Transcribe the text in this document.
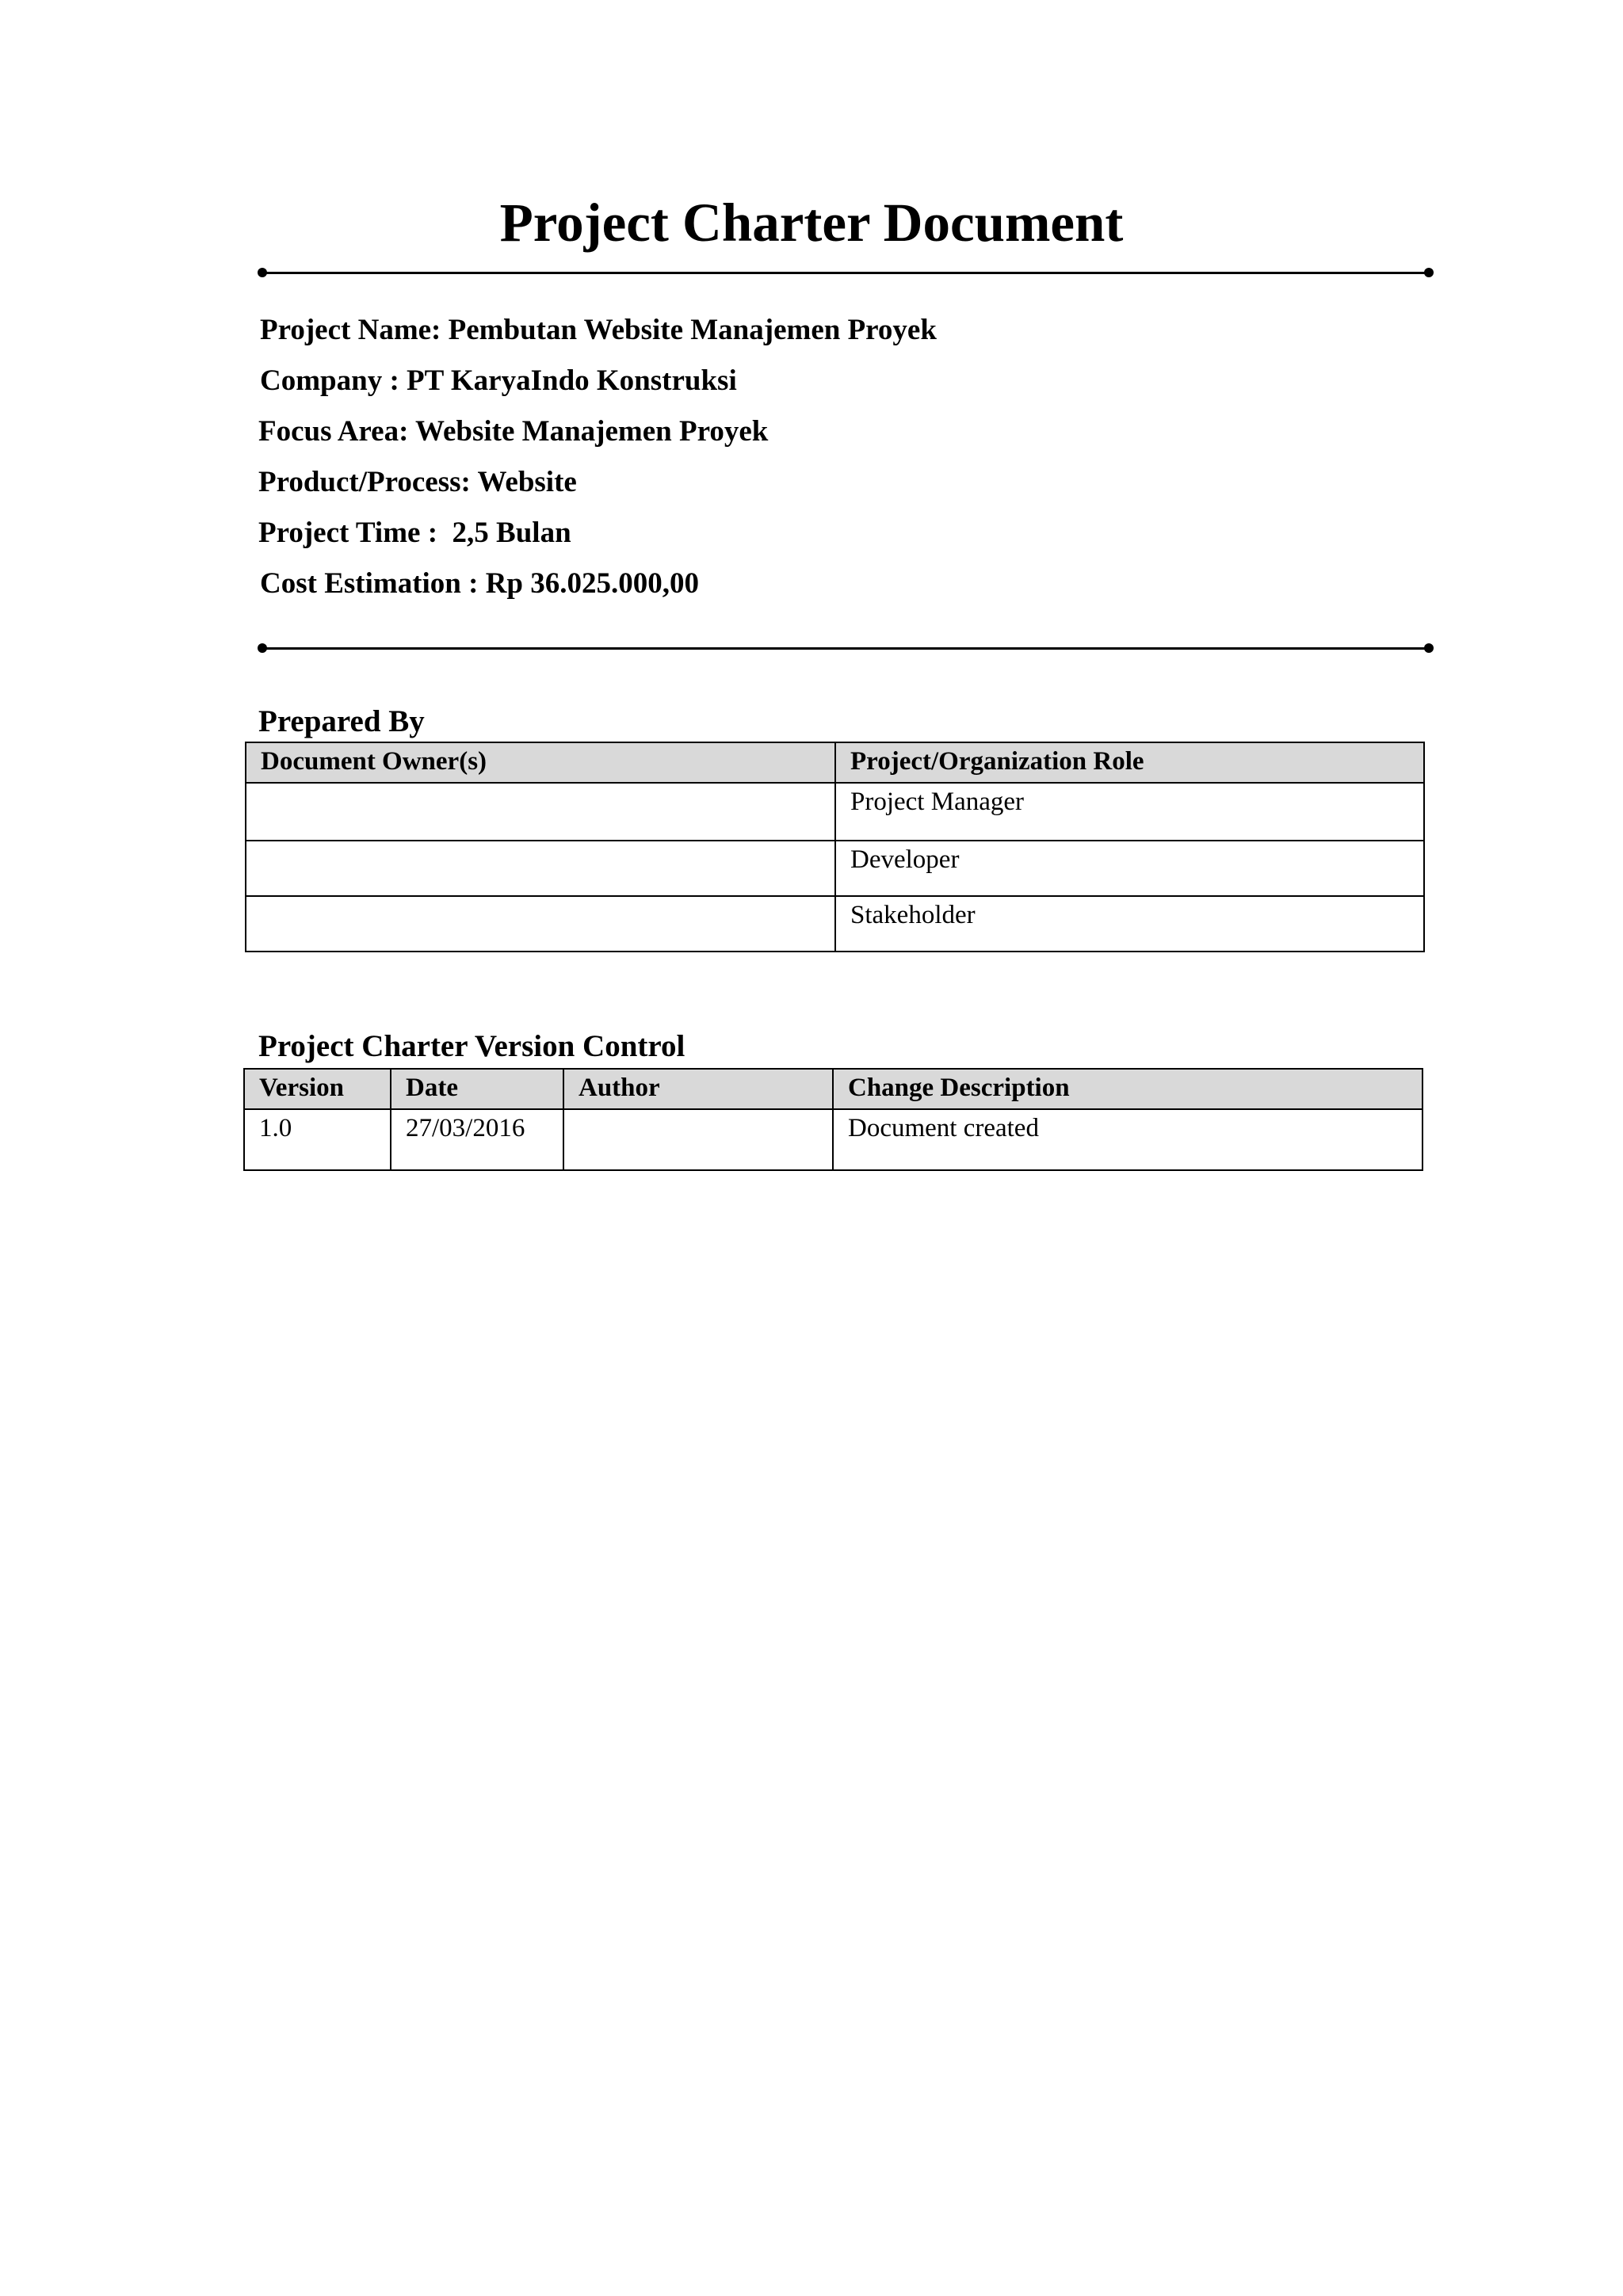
Project Charter Document
Project Name: Pembutan Website Manajemen Proyek
Company : PT KaryaIndo Konstruksi
Focus Area: Website Manajemen Proyek
Product/Process: Website
Project Time :  2,5 Bulan
Cost Estimation : Rp 36.025.000,00
Prepared By
Document Owner(s)	Project/Organization Role
	Project Manager
	Developer
	Stakeholder
Project Charter Version Control
Version	Date	Author	Change Description
1.0	27/03/2016		Document created
